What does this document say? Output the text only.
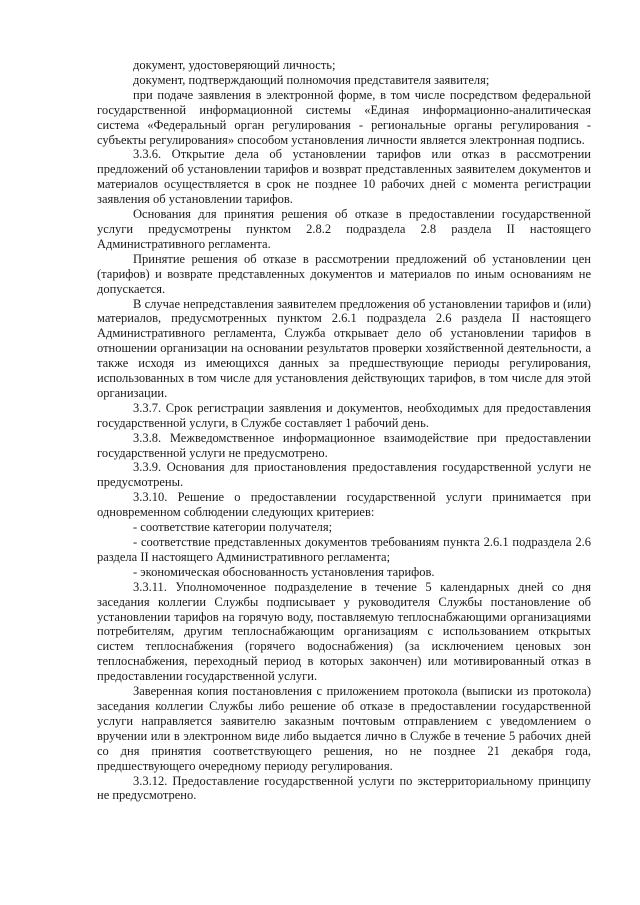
документ, удостоверяющий личность;

документ, подтверждающий полномочия представителя заявителя;

при подаче заявления в электронной форме, в том числе посредством федеральной государственной информационной системы «Единая информационно-аналитическая система «Федеральный орган регулирования - региональные органы регулирования - субъекты регулирования» способом установления личности является электронная подпись.

3.3.6. Открытие дела об установлении тарифов или отказ в рассмотрении предложений об установлении тарифов и возврат представленных заявителем документов и материалов осуществляется в срок не позднее 10 рабочих дней с момента регистрации заявления об установлении тарифов.

Основания для принятия решения об отказе в предоставлении государственной услуги предусмотрены пунктом 2.8.2 подраздела 2.8 раздела II настоящего Административного регламента.

Принятие решения об отказе в рассмотрении предложений об установлении цен (тарифов) и возврате представленных документов и материалов по иным основаниям не допускается.

В случае непредставления заявителем предложения об установлении тарифов и (или) материалов, предусмотренных пунктом 2.6.1 подраздела 2.6 раздела II настоящего Административного регламента, Служба открывает дело об установлении тарифов в отношении организации на основании результатов проверки хозяйственной деятельности, а также исходя из имеющихся данных за предшествующие периоды регулирования, использованных в том числе для установления действующих тарифов, в том числе для этой организации.

3.3.7. Срок регистрации заявления и документов, необходимых для предоставления государственной услуги, в Службе составляет 1 рабочий день.

3.3.8. Межведомственное информационное взаимодействие при предоставлении государственной услуги не предусмотрено.

3.3.9. Основания для приостановления предоставления государственной услуги не предусмотрены.

3.3.10. Решение о предоставлении государственной услуги принимается при одновременном соблюдении следующих критериев:

- соответствие категории получателя;

- соответствие представленных документов требованиям пункта 2.6.1 подраздела 2.6 раздела II настоящего Административного регламента;

- экономическая обоснованность установления тарифов.

3.3.11. Уполномоченное подразделение в течение 5 календарных дней со дня заседания коллегии Службы подписывает у руководителя Службы постановление об установлении тарифов на горячую воду, поставляемую теплоснабжающими организациями потребителям, другим теплоснабжающим организациям с использованием открытых систем теплоснабжения (горячего водоснабжения) (за исключением ценовых зон теплоснабжения, переходный период в которых закончен) или мотивированный отказ в предоставлении государственной услуги.

Заверенная копия постановления с приложением протокола (выписки из протокола) заседания коллегии Службы либо решение об отказе в предоставлении государственной услуги направляется заявителю заказным почтовым отправлением с уведомлением о вручении или в электронном виде либо выдается лично в Службе в течение 5 рабочих дней со дня принятия соответствующего решения, но не позднее 21 декабря года, предшествующего очередному периоду регулирования.

3.3.12. Предоставление государственной услуги по экстерриториальному принципу не предусмотрено.
